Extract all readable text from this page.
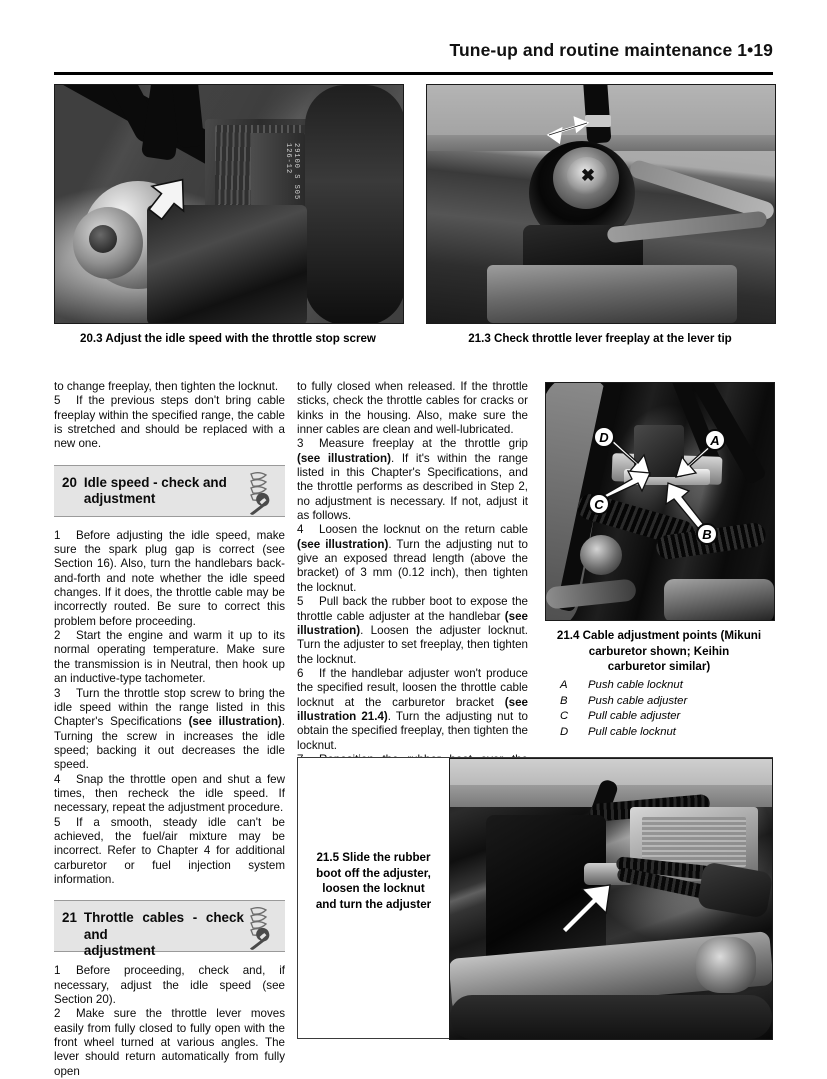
Tune-up and routine maintenance 1•19
29100 S S05 126-12
20.3 Adjust the idle speed with the throttle stop screw
✖
21.3 Check throttle lever freeplay at the lever tip
D	A
C
B
21.4 Cable adjustment points (Mikuni
carburetor shown; Keihin
carburetor similar)
A	Push cable locknut
B	Push cable adjuster
C	Pull cable adjuster
D	Pull cable locknut

to change freeplay, then tighten the locknut.

5 If the previous steps don't bring cable freeplay within the specified range, the cable is stretched and should be replaced with a new one.

20 Idle speed - check and
adjustment

1 Before adjusting the idle speed, make sure the spark plug gap is correct (see Section 16). Also, turn the handlebars back-and-forth and note whether the idle speed changes. If it does, the throttle cable may be incorrectly routed. Be sure to correct this problem before proceeding.

2 Start the engine and warm it up to its normal operating temperature. Make sure the transmission is in Neutral, then hook up an inductive-type tachometer.

3 Turn the throttle stop screw to bring the idle speed within the range listed in this Chapter's Specifications (see illustration). Turning the screw in increases the idle speed; backing it out decreases the idle speed.

4 Snap the throttle open and shut a few times, then recheck the idle speed. If necessary, repeat the adjustment procedure.

5 If a smooth, steady idle can't be achieved, the fuel/air mixture may be incorrect. Refer to Chapter 4 for additional carburetor or fuel injection system information.

21 Throttle cables - check and
adjustment

1 Before proceeding, check and, if necessary, adjust the idle speed (see Section 20).

2 Make sure the throttle lever moves easily from fully closed to fully open with the front wheel turned at various angles. The lever should return automatically from fully open

to fully closed when released. If the throttle sticks, check the throttle cables for cracks or kinks in the housing. Also, make sure the inner cables are clean and well-lubricated.

3 Measure freeplay at the throttle grip (see illustration). If it's within the range listed in this Chapter's Specifications, and the throttle performs as described in Step 2, no adjustment is necessary. If not, adjust it as follows.

4 Loosen the locknut on the return cable (see illustration). Turn the adjusting nut to give an exposed thread length (above the bracket) of 3 mm (0.12 inch), then tighten the locknut.

5 Pull back the rubber boot to expose the throttle cable adjuster at the handlebar (see illustration). Loosen the adjuster locknut. Turn the adjuster to set freeplay, then tighten the locknut.

6 If the handlebar adjuster won't produce the specified result, loosen the throttle cable locknut at the carburetor bracket (see illustration 21.4). Turn the adjusting nut to obtain the specified freeplay, then tighten the locknut.

21.5 Slide the rubber
boot off the adjuster,
loosen the locknut
and turn the adjuster
